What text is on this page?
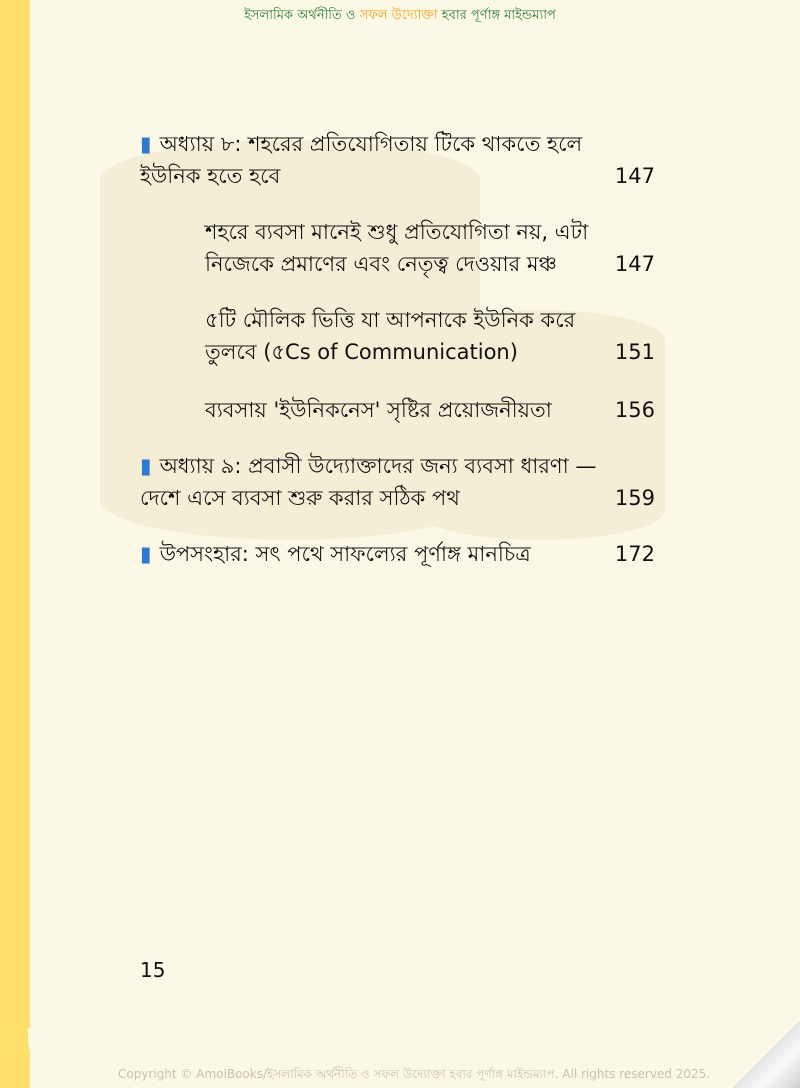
ইসলামিক অর্থনীতি ও সফল উদ্যোক্তা হবার পূর্ণাঙ্গ মাইন্ডম্যাপ
▮ অধ্যায় ৮: শহরের প্রতিযোগিতায় টিকে থাকতে হলে
ইউনিক হতে হবে	147
শহরে ব্যবসা মানেই শুধু প্রতিযোগিতা নয়, এটা
নিজেকে প্রমাণের এবং নেতৃত্ব দেওয়ার মঞ্চ	147
৫টি মৌলিক ভিত্তি যা আপনাকে ইউনিক করে
তুলবে (৫Cs of Communication)	151
ব্যবসায় 'ইউনিকনেস' সৃষ্টির প্রয়োজনীয়তা	156
▮ অধ্যায় ৯: প্রবাসী উদ্যোক্তাদের জন্য ব্যবসা ধারণা —
দেশে এসে ব্যবসা শুরু করার সঠিক পথ	159
▮ উপসংহার: সৎ পথে সাফল্যের পূর্ণাঙ্গ মানচিত্র	172
15
Copyright © AmolBooks/ইসলামিক অর্থনীতি ও সফল উদ্যোক্তা হবার পূর্ণাঙ্গ মাইন্ডম্যাপ. All rights reserved 2025.
